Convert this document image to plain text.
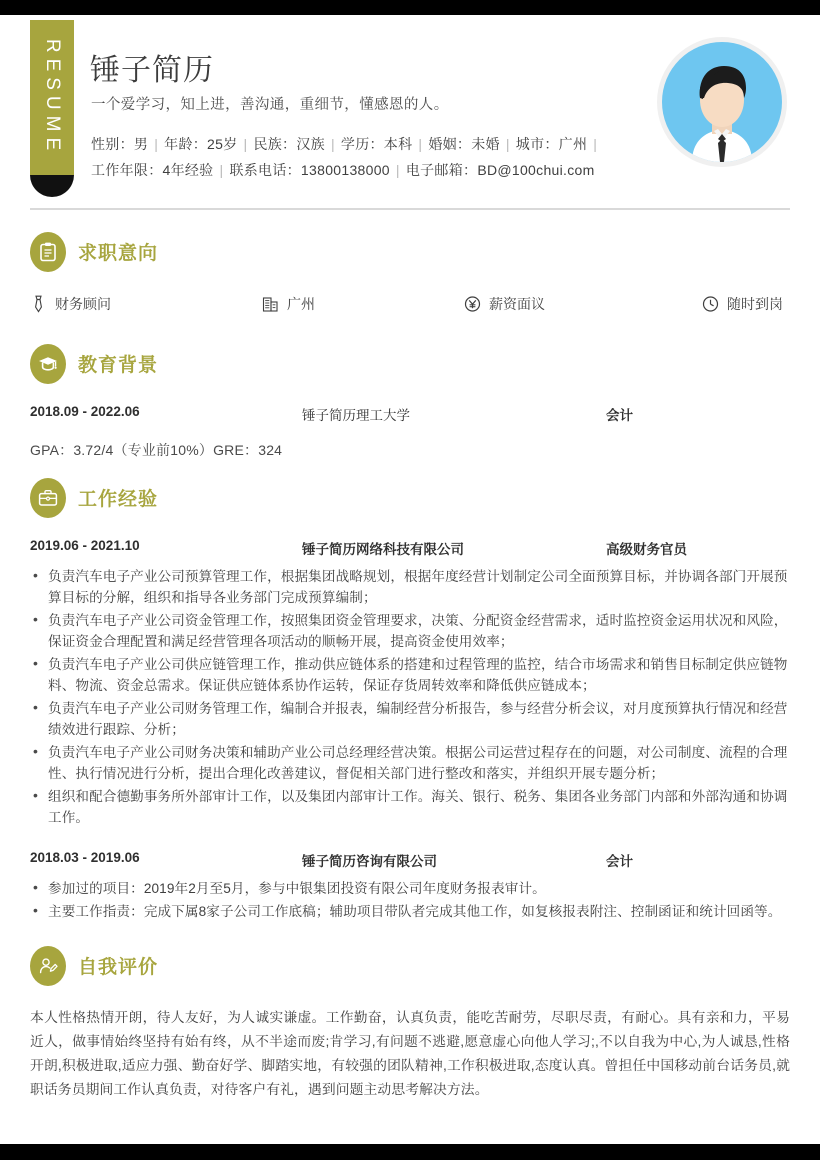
RESUME 锤子简历
一个爱学习，知上进，善沟通，重细节，懂感恩的人。
性别：男 | 年龄：25岁 | 民族：汉族 | 学历：本科 | 婚姻：未婚 | 城市：广州 |
工作年限：4年经验 | 联系电话：13800138000 | 电子邮箱：BD@100chui.com
求职意向
财务顾问	广州	薪资面议	随时到岗
教育背景
2018.09 - 2022.06	锤子简历理工大学	会计
GPA：3.72/4（专业前10%）GRE：324
工作经验
2019.06 - 2021.10	锤子简历网络科技有限公司	高级财务官员
• 负责汽车电子产业公司预算管理工作，根据集团战略规划，根据年度经营计划制定公司全面预算目标，并协调各部门开展预算目标的分解，组织和指导各业务部门完成预算编制；
• 负责汽车电子产业公司资金管理工作，按照集团资金管理要求，决策、分配资金经营需求，适时监控资金运用状况和风险，保证资金合理配置和满足经营管理各项活动的顺畅开展，提高资金使用效率；
• 负责汽车电子产业公司供应链管理工作，推动供应链体系的搭建和过程管理的监控，结合市场需求和销售目标制定供应链物料、物流、资金总需求。保证供应链体系协作运转，保证存货周转效率和降低供应链成本；
• 负责汽车电子产业公司财务管理工作，编制合并报表，编制经营分析报告，参与经营分析会议，对月度预算执行情况和经营绩效进行跟踪、分析；
• 负责汽车电子产业公司财务决策和辅助产业公司总经理经营决策。根据公司运营过程存在的问题，对公司制度、流程的合理性、执行情况进行分析，提出合理化改善建议，督促相关部门进行整改和落实，并组织开展专题分析；
• 组织和配合德勤事务所外部审计工作，以及集团内部审计工作。海关、银行、税务、集团各业务部门内部和外部沟通和协调工作。
2018.03 - 2019.06	锤子简历咨询有限公司	会计
• 参加过的项目：2019年2月至5月，参与中银集团投资有限公司年度财务报表审计。
• 主要工作指责：完成下属8家子公司工作底稿；辅助项目带队者完成其他工作，如复核报表附注、控制函证和统计回函等。
自我评价
本人性格热情开朗，待人友好，为人诚实谦虚。工作勤奋，认真负责，能吃苦耐劳，尽职尽责，有耐心。具有亲和力，平易近人，做事情始终坚持有始有终，从不半途而废;肯学习,有问题不逃避,愿意虚心向他人学习;,不以自我为中心,为人诚恳,性格开朗,积极进取,适应力强、勤奋好学、脚踏实地，有较强的团队精神,工作积极进取,态度认真。曾担任中国移动前台话务员,就职话务员期间工作认真负责，对待客户有礼，遇到问题主动思考解决方法。
